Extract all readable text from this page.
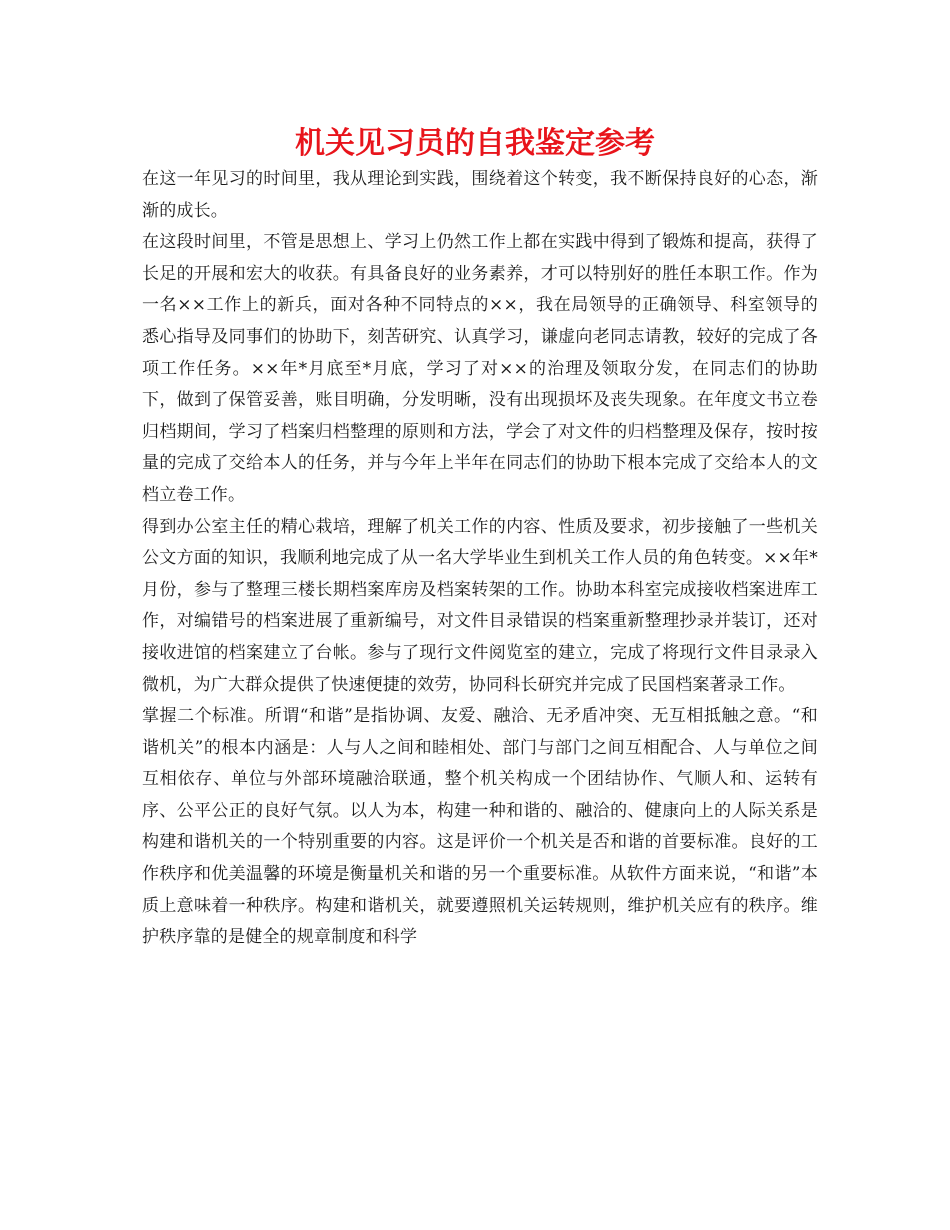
机关见习员的自我鉴定参考

在这一年见习的时间里，我从理论到实践，围绕着这个转变，我不断保持良好的心态，渐渐的成长。

在这段时间里，不管是思想上、学习上仍然工作上都在实践中得到了锻炼和提高，获得了长足的开展和宏大的收获。有具备良好的业务素养，才可以特别好的胜任本职工作。作为一名××工作上的新兵，面对各种不同特点的××，我在局领导的正确领导、科室领导的悉心指导及同事们的协助下，刻苦研究、认真学习，谦虚向老同志请教，较好的完成了各项工作任务。××年*月底至*月底，学习了对××的治理及领取分发，在同志们的协助下，做到了保管妥善，账目明确，分发明晰，没有出现损坏及丧失现象。在年度文书立卷归档期间，学习了档案归档整理的原则和方法，学会了对文件的归档整理及保存，按时按量的完成了交给本人的任务，并与今年上半年在同志们的协助下根本完成了交给本人的文档立卷工作。

得到办公室主任的精心栽培，理解了机关工作的内容、性质及要求，初步接触了一些机关公文方面的知识，我顺利地完成了从一名大学毕业生到机关工作人员的角色转变。××年*月份，参与了整理三楼长期档案库房及档案转架的工作。协助本科室完成接收档案进库工作，对编错号的档案进展了重新编号，对文件目录错误的档案重新整理抄录并装订，还对接收进馆的档案建立了台帐。参与了现行文件阅览室的建立，完成了将现行文件目录录入微机，为广大群众提供了快速便捷的效劳，协同科长研究并完成了民国档案著录工作。

掌握二个标准。所谓“和谐”是指协调、友爱、融洽、无矛盾冲突、无互相抵触之意。“和谐机关”的根本内涵是：人与人之间和睦相处、部门与部门之间互相配合、人与单位之间互相依存、单位与外部环境融洽联通，整个机关构成一个团结协作、气顺人和、运转有序、公平公正的良好气氛。以人为本，构建一种和谐的、融洽的、健康向上的人际关系是构建和谐机关的一个特别重要的内容。这是评价一个机关是否和谐的首要标准。良好的工作秩序和优美温馨的环境是衡量机关和谐的另一个重要标准。从软件方面来说，“和谐”本质上意味着一种秩序。构建和谐机关，就要遵照机关运转规则，维护机关应有的秩序。维护秩序靠的是健全的规章制度和科学
